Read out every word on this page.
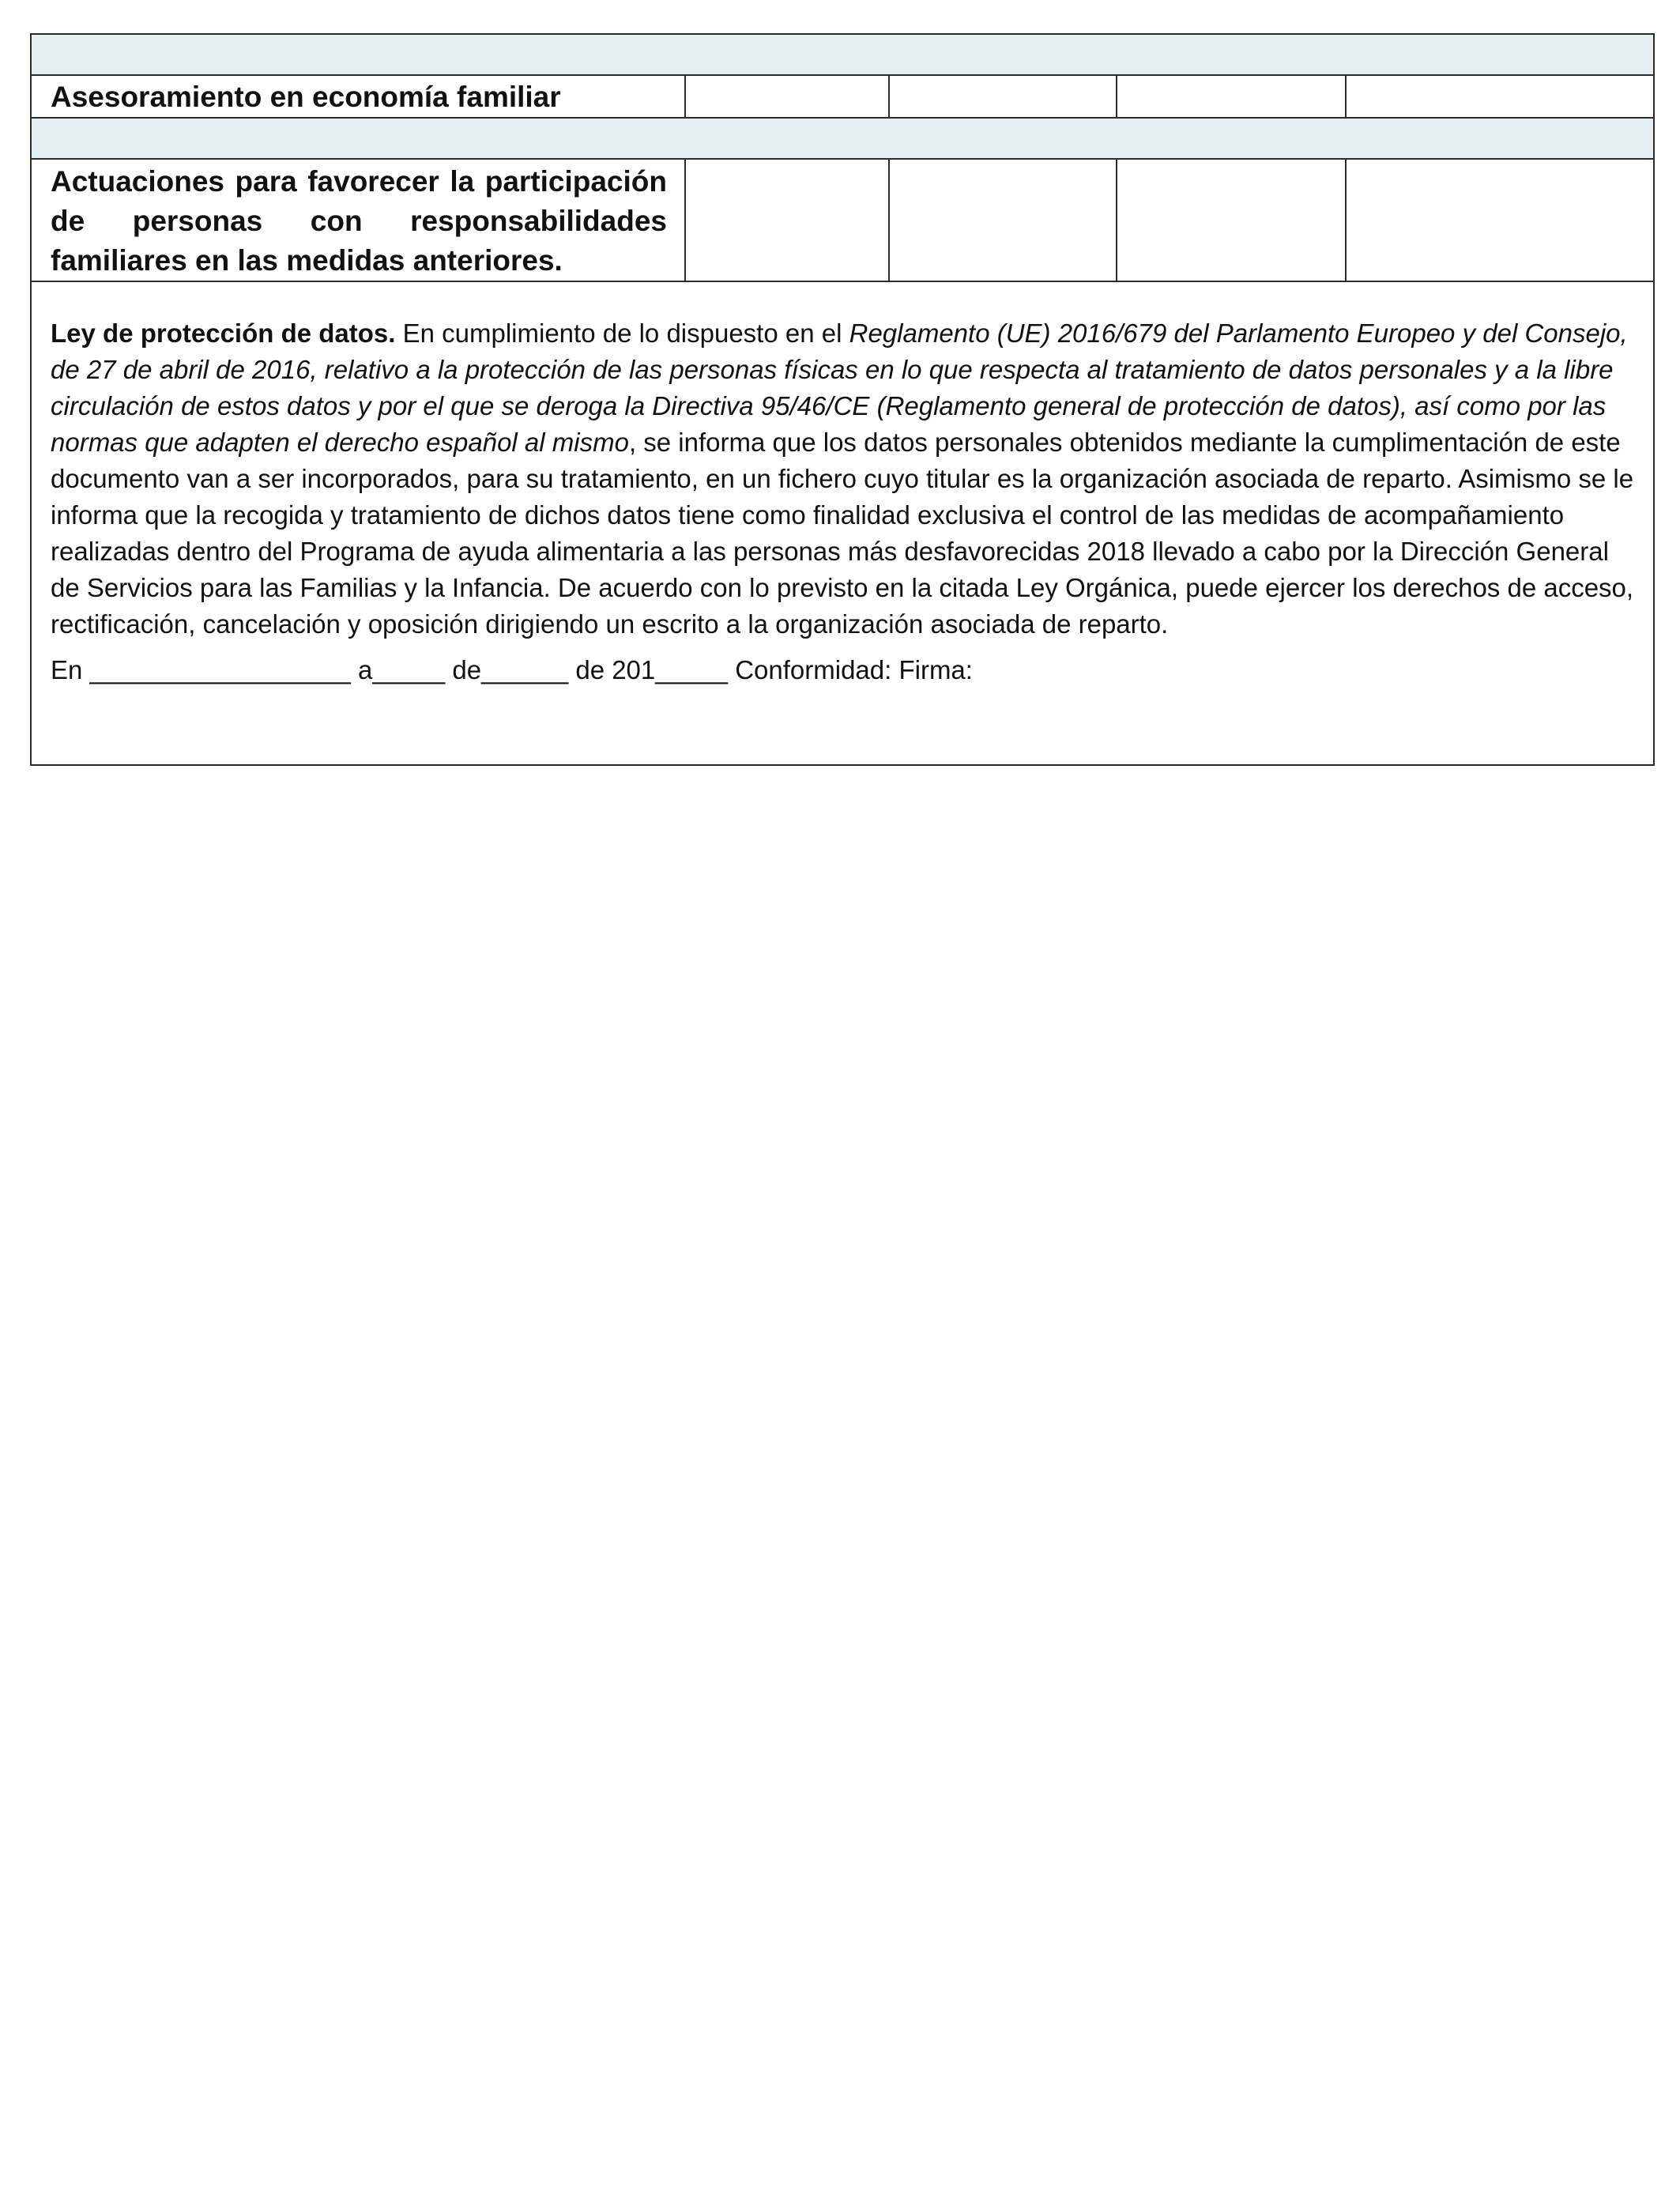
Asesoramiento en economía familiar				

Actuaciones para favorecer la participación de personas con responsabilidades familiares en las medidas anteriores.				

Ley de protección de datos. En cumplimiento de lo dispuesto en el Reglamento (UE) 2016/679 del Parlamento Europeo y del Consejo, de 27 de abril de 2016, relativo a la protección de las personas físicas en lo que respecta al tratamiento de datos personales y a la libre circulación de estos datos y por el que se deroga la Directiva 95/46/CE (Reglamento general de protección de datos), así como por las normas que adapten el derecho español al mismo, se informa que los datos personales obtenidos mediante la cumplimentación de este documento van a ser incorporados, para su tratamiento, en un fichero cuyo titular es la organización asociada de reparto. Asimismo se le informa que la recogida y tratamiento de dichos datos tiene como finalidad exclusiva el control de las medidas de acompañamiento realizadas dentro del Programa de ayuda alimentaria a las personas más desfavorecidas 2018 llevado a cabo por la Dirección General de Servicios para las Familias y la Infancia. De acuerdo con lo previsto en la citada Ley Orgánica, puede ejercer los derechos de acceso, rectificación, cancelación y oposición dirigiendo un escrito a la organización asociada de reparto.

En __________________ a_____ de______ de 201_____ Conformidad: Firma:				
